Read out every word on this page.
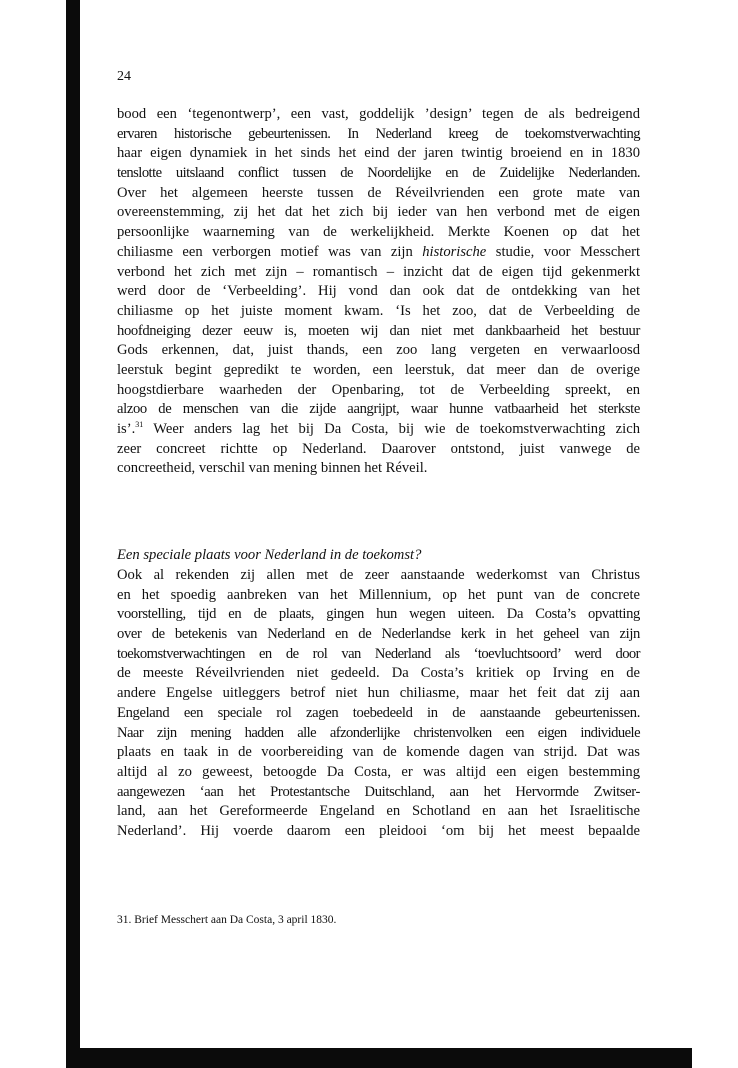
24
bood een ‘tegenontwerp’, een vast, goddelijk ’design’ tegen de als bedreigend
ervaren historische gebeurtenissen. In Nederland kreeg de toekomstverwachting
haar eigen dynamiek in het sinds het eind der jaren twintig broeiend en in 1830
tenslotte uitslaand conflict tussen de Noordelijke en de Zuidelijke Nederlanden.
Over het algemeen heerste tussen de Réveilvrienden een grote mate van
overeenstemming, zij het dat het zich bij ieder van hen verbond met de eigen
persoonlijke waarneming van de werkelijkheid. Merkte Koenen op dat het
chiliasme een verborgen motief was van zijn historische studie, voor Messchert
verbond het zich met zijn – romantisch – inzicht dat de eigen tijd gekenmerkt
werd door de ‘Verbeelding’. Hij vond dan ook dat de ontdekking van het
chiliasme op het juiste moment kwam. ‘Is het zoo, dat de Verbeelding de
hoofdneiging dezer eeuw is, moeten wij dan niet met dankbaarheid het bestuur
Gods erkennen, dat, juist thands, een zoo lang vergeten en verwaarloosd
leerstuk begint gepredikt te worden, een leerstuk, dat meer dan de overige
hoogstdierbare waarheden der Openbaring, tot de Verbeelding spreekt, en
alzoo de menschen van die zijde aangrijpt, waar hunne vatbaarheid het sterkste
is’.$^{31}$ Weer anders lag het bij Da Costa, bij wie de toekomstverwachting zich
zeer concreet richtte op Nederland. Daarover ontstond, juist vanwege de
concreetheid, verschil van mening binnen het Réveil.
Een speciale plaats voor Nederland in de toekomst?
Ook al rekenden zij allen met de zeer aanstaande wederkomst van Christus
en het spoedig aanbreken van het Millennium, op het punt van de concrete
voorstelling, tijd en de plaats, gingen hun wegen uiteen. Da Costa’s opvatting
over de betekenis van Nederland en de Nederlandse kerk in het geheel van zijn
toekomstverwachtingen en de rol van Nederland als ‘toevluchtsoord’ werd door
de meeste Réveilvrienden niet gedeeld. Da Costa’s kritiek op Irving en de
andere Engelse uitleggers betrof niet hun chiliasme, maar het feit dat zij aan
Engeland een speciale rol zagen toebedeeld in de aanstaande gebeurtenissen.
Naar zijn mening hadden alle afzonderlijke christenvolken een eigen individuele
plaats en taak in de voorbereiding van de komende dagen van strijd. Dat was
altijd al zo geweest, betoogde Da Costa, er was altijd een eigen bestemming
aangewezen ‘aan het Protestantsche Duitschland, aan het Hervormde Zwitser-
land, aan het Gereformeerde Engeland en Schotland en aan het Israelitische
Nederland’. Hij voerde daarom een pleidooi ‘om bij het meest bepaalde
31. Brief Messchert aan Da Costa, 3 april 1830.
